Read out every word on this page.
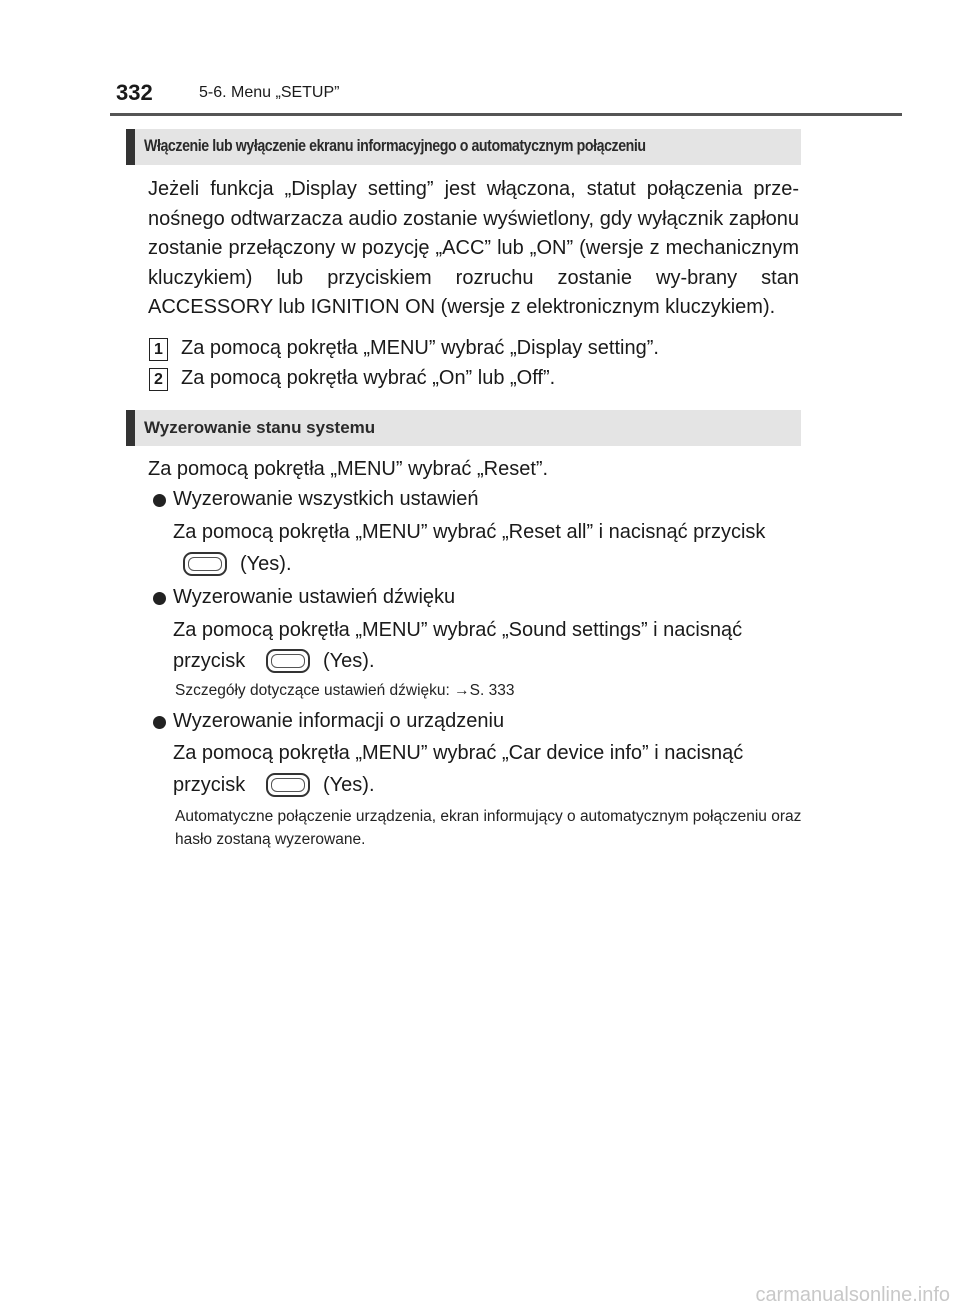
332	5-6. Menu „SETUP”
Włączenie lub wyłączenie ekranu informacyjnego o automatycznym połączeniu

Jeżeli funkcja „Display setting” jest włączona, statut połączenia prze-nośnego odtwarzacza audio zostanie wyświetlony, gdy wyłącznik zapłonu zostanie przełączony w pozycję „ACC” lub „ON” (wersje z mechanicznym kluczykiem) lub przyciskiem rozruchu zostanie wy-brany stan ACCESSORY lub IGNITION ON (wersje z elektronicznym kluczykiem).

1 Za pomocą pokrętła „MENU” wybrać „Display setting”.
2 Za pomocą pokrętła wybrać „On” lub „Off”.
Wyzerowanie stanu systemu
Za pomocą pokrętła „MENU” wybrać „Reset”.
Wyzerowanie wszystkich ustawień
Za pomocą pokrętła „MENU” wybrać „Reset all” i nacisnąć przycisk
(Yes).
Wyzerowanie ustawień dźwięku
Za pomocą pokrętła „MENU” wybrać „Sound settings” i nacisnąć
przycisk	(Yes).
Szczegóły dotyczące ustawień dźwięku: →S. 333
Wyzerowanie informacji o urządzeniu
Za pomocą pokrętła „MENU” wybrać „Car device info” i nacisnąć
przycisk	(Yes).
Automatyczne połączenie urządzenia, ekran informujący o automatycznym połączeniu oraz hasło zostaną wyzerowane.
carmanualsonline.info
